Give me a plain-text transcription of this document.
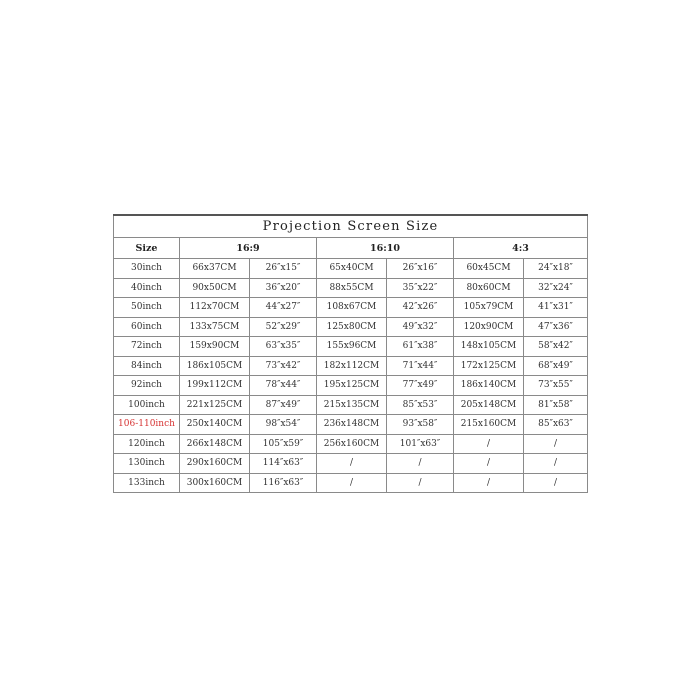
Projection Screen Size						
Size	16:9		16:10		4:3	
30inch	66x37CM	26″x15″	65x40CM	26″x16″	60x45CM	24″x18″
40inch	90x50CM	36″x20″	88x55CM	35″x22″	80x60CM	32″x24″
50inch	112x70CM	44″x27″	108x67CM	42″x26″	105x79CM	41″x31″
60inch	133x75CM	52″x29″	125x80CM	49″x32″	120x90CM	47″x36″
72inch	159x90CM	63″x35″	155x96CM	61″x38″	148x105CM	58″x42″
84inch	186x105CM	73″x42″	182x112CM	71″x44″	172x125CM	68″x49″
92inch	199x112CM	78″x44″	195x125CM	77″x49″	186x140CM	73″x55″
100inch	221x125CM	87″x49″	215x135CM	85″x53″	205x148CM	81″x58″
106-110inch	250x140CM	98″x54″	236x148CM	93″x58″	215x160CM	85″x63″
120inch	266x148CM	105″x59″	256x160CM	101″x63″	/	/
130inch	290x160CM	114″x63″	/	/	/	/
133inch	300x160CM	116″x63″	/	/	/	/
